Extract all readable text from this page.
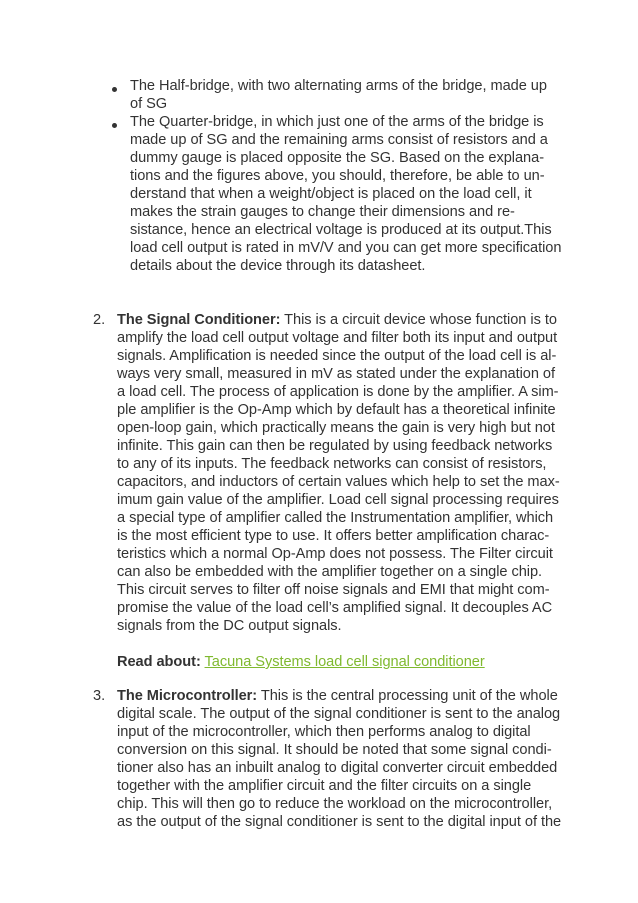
The Half-bridge, with two alternating arms of the bridge, made up
of SG
The Quarter-bridge, in which just one of the arms of the bridge is
made up of SG and the remaining arms consist of resistors and a
dummy gauge is placed opposite the SG. Based on the explana-
tions and the figures above, you should, therefore, be able to un-
derstand that when a weight/object is placed on the load cell, it
makes the strain gauges to change their dimensions and re-
sistance, hence an electrical voltage is produced at its output.This
load cell output is rated in mV/V and you can get more specification
details about the device through its datasheet.
2. The Signal Conditioner: This is a circuit device whose function is to
amplify the load cell output voltage and filter both its input and output
signals. Amplification is needed since the output of the load cell is al-
ways very small, measured in mV as stated under the explanation of
a load cell. The process of application is done by the amplifier. A sim-
ple amplifier is the Op-Amp which by default has a theoretical infinite
open-loop gain, which practically means the gain is very high but not
infinite. This gain can then be regulated by using feedback networks
to any of its inputs. The feedback networks can consist of resistors,
capacitors, and inductors of certain values which help to set the max-
imum gain value of the amplifier. Load cell signal processing requires
a special type of amplifier called the Instrumentation amplifier, which
is the most efficient type to use. It offers better amplification charac-
teristics which a normal Op-Amp does not possess. The Filter circuit
can also be embedded with the amplifier together on a single chip.
This circuit serves to filter off noise signals and EMI that might com-
promise the value of the load cell’s amplified signal. It decouples AC
signals from the DC output signals.
Read about: Tacuna Systems load cell signal conditioner
3. The Microcontroller: This is the central processing unit of the whole
digital scale. The output of the signal conditioner is sent to the analog
input of the microcontroller, which then performs analog to digital
conversion on this signal. It should be noted that some signal condi-
tioner also has an inbuilt analog to digital converter circuit embedded
together with the amplifier circuit and the filter circuits on a single
chip. This will then go to reduce the workload on the microcontroller,
as the output of the signal conditioner is sent to the digital input of the
